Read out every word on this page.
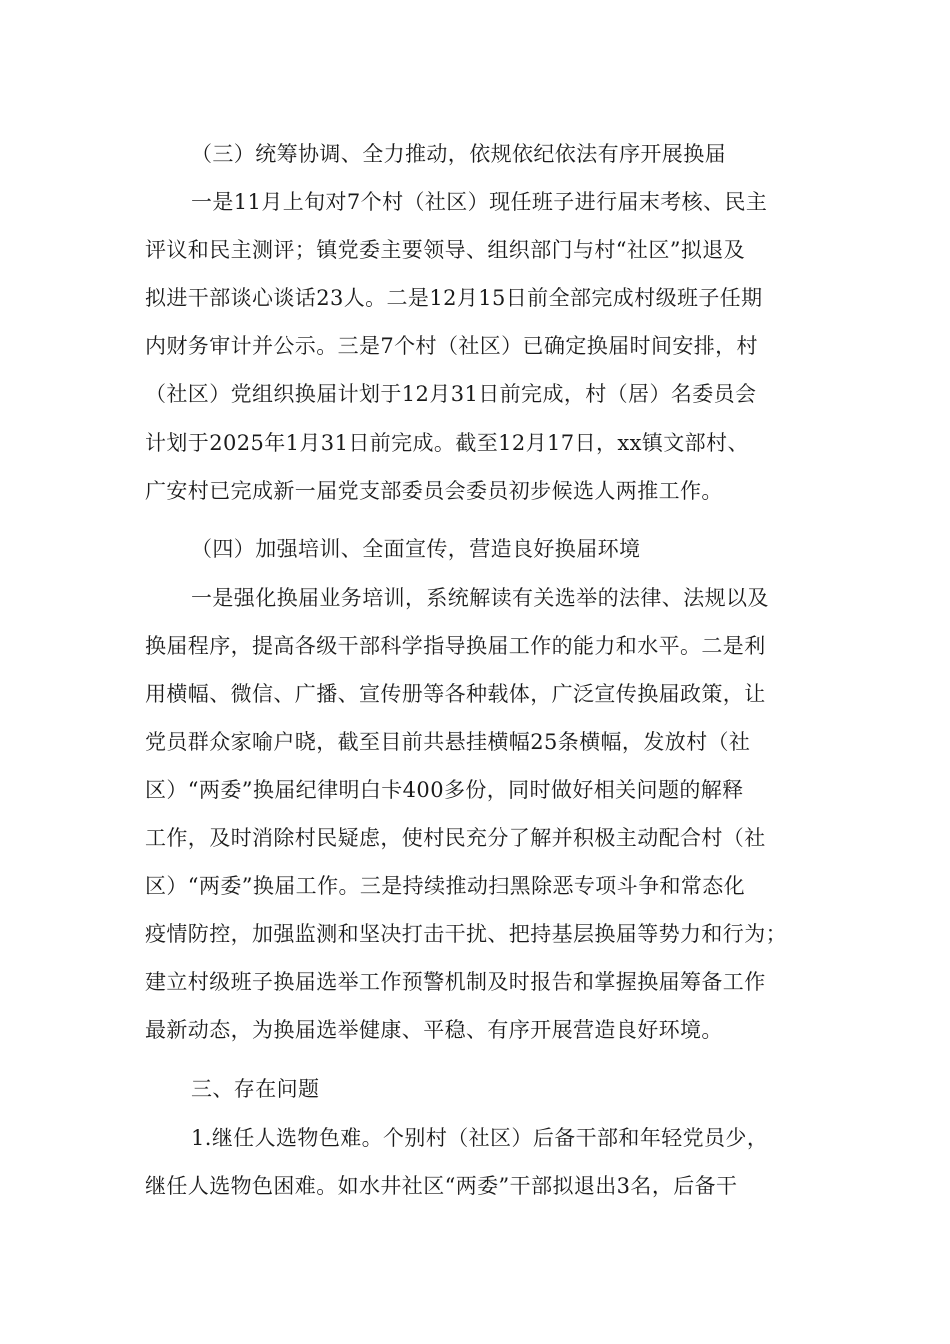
（三）统筹协调、全力推动，依规依纪依法有序开展换届
一是11月上旬对7个村（社区）现任班子进行届末考核、民主
评议和民主测评；镇党委主要领导、组织部门与村“社区”拟退及
拟进干部谈心谈话23人。二是12月15日前全部完成村级班子任期
内财务审计并公示。三是7个村（社区）已确定换届时间安排，村
（社区）党组织换届计划于12月31日前完成，村（居）名委员会
计划于2025年1月31日前完成。截至12月17日，xx镇文部村、
广安村已完成新一届党支部委员会委员初步候选人两推工作。
（四）加强培训、全面宣传，营造良好换届环境
一是强化换届业务培训，系统解读有关选举的法律、法规以及
换届程序，提高各级干部科学指导换届工作的能力和水平。二是利
用横幅、微信、广播、宣传册等各种载体，广泛宣传换届政策，让
党员群众家喻户晓，截至目前共悬挂横幅25条横幅，发放村（社
区）“两委”换届纪律明白卡400多份，同时做好相关问题的解释
工作，及时消除村民疑虑，使村民充分了解并积极主动配合村（社
区）“两委”换届工作。三是持续推动扫黑除恶专项斗争和常态化
疫情防控，加强监测和坚决打击干扰、把持基层换届等势力和行为；
建立村级班子换届选举工作预警机制及时报告和掌握换届筹备工作
最新动态，为换届选举健康、平稳、有序开展营造良好环境。
三、存在问题
1.继任人选物色难。个别村（社区）后备干部和年轻党员少，
继任人选物色困难。如水井社区“两委”干部拟退出3名，后备干
